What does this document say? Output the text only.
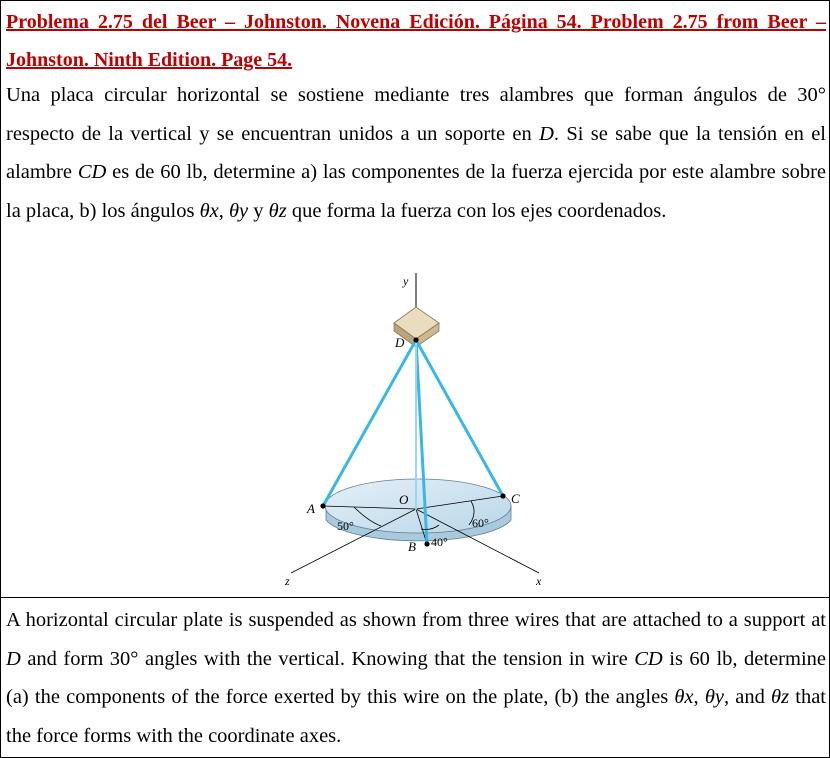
Problema 2.75 del Beer – Johnston. Novena Edición. Página 54. Problem 2.75 from Beer – Johnston. Ninth Edition. Page 54.

Una placa circular horizontal se sostiene mediante tres alambres que forman ángulos de 30° respecto de la vertical y se encuentran unidos a un soporte en D. Si se sabe que la tensión en el alambre CD es de 60 lb, determine a) las componentes de la fuerza ejercida por este alambre sobre la placa, b) los ángulos θx, θy y θz que forma la fuerza con los ejes coordenados.

y
D
O
A
B
C
50°
40°
60°
z	x

A horizontal circular plate is suspended as shown from three wires that are attached to a support at D and form 30° angles with the vertical. Knowing that the tension in wire CD is 60 lb, determine (a) the components of the force exerted by this wire on the plate, (b) the angles θx, θy, and θz that the force forms with the coordinate axes.
